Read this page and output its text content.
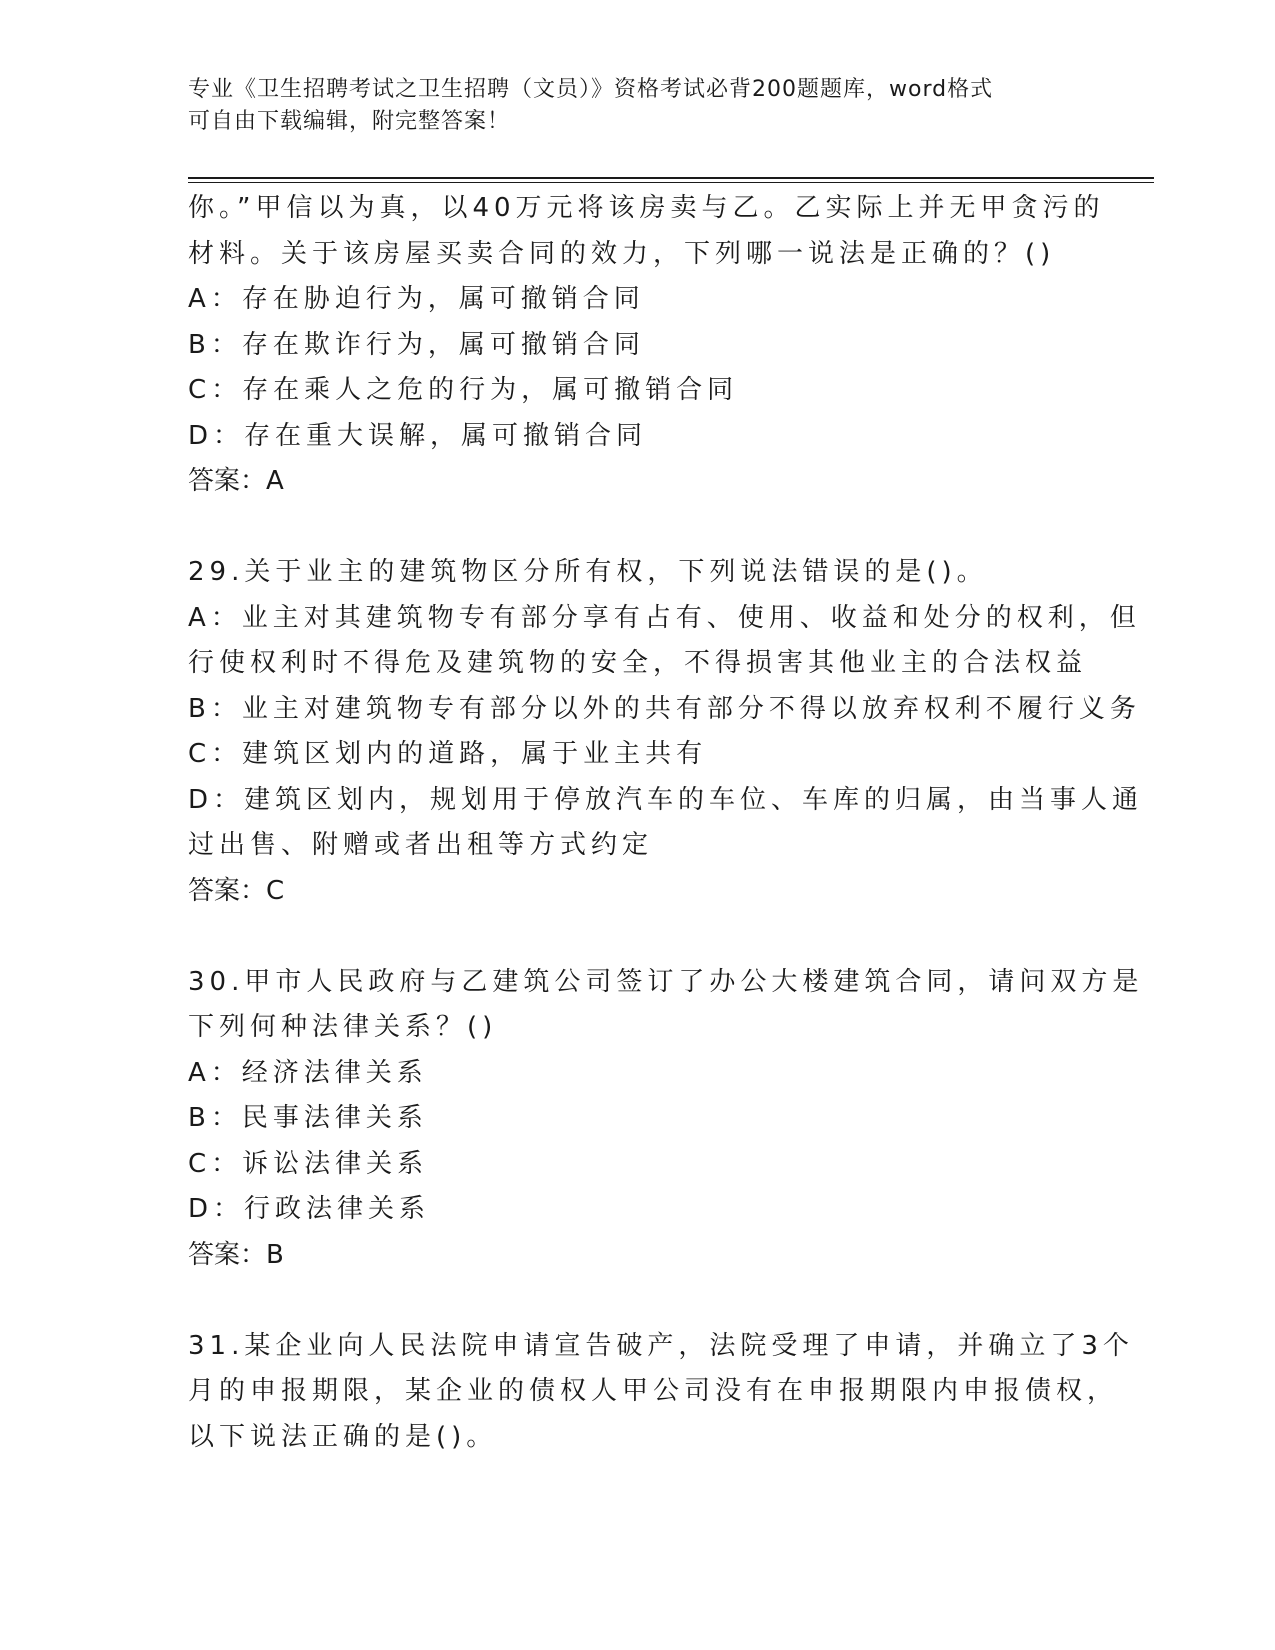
专业《卫生招聘考试之卫生招聘（文员）》资格考试必背200题题库，word格式
可自由下载编辑，附完整答案！
你。”甲信以为真，以40万元将该房卖与乙。乙实际上并无甲贪污的
材料。关于该房屋买卖合同的效力，下列哪一说法是正确的？()
A：存在胁迫行为，属可撤销合同
B：存在欺诈行为，属可撤销合同
C：存在乘人之危的行为，属可撤销合同
D：存在重大误解，属可撤销合同
答案：A
29.关于业主的建筑物区分所有权，下列说法错误的是()。
A：业主对其建筑物专有部分享有占有、使用、收益和处分的权利，但
行使权利时不得危及建筑物的安全，不得损害其他业主的合法权益
B：业主对建筑物专有部分以外的共有部分不得以放弃权利不履行义务
C：建筑区划内的道路，属于业主共有
D：建筑区划内，规划用于停放汽车的车位、车库的归属，由当事人通
过出售、附赠或者出租等方式约定
答案：C
30.甲市人民政府与乙建筑公司签订了办公大楼建筑合同，请问双方是
下列何种法律关系？()
A：经济法律关系
B：民事法律关系
C：诉讼法律关系
D：行政法律关系
答案：B
31.某企业向人民法院申请宣告破产，法院受理了申请，并确立了3个
月的申报期限，某企业的债权人甲公司没有在申报期限内申报债权，
以下说法正确的是()。
